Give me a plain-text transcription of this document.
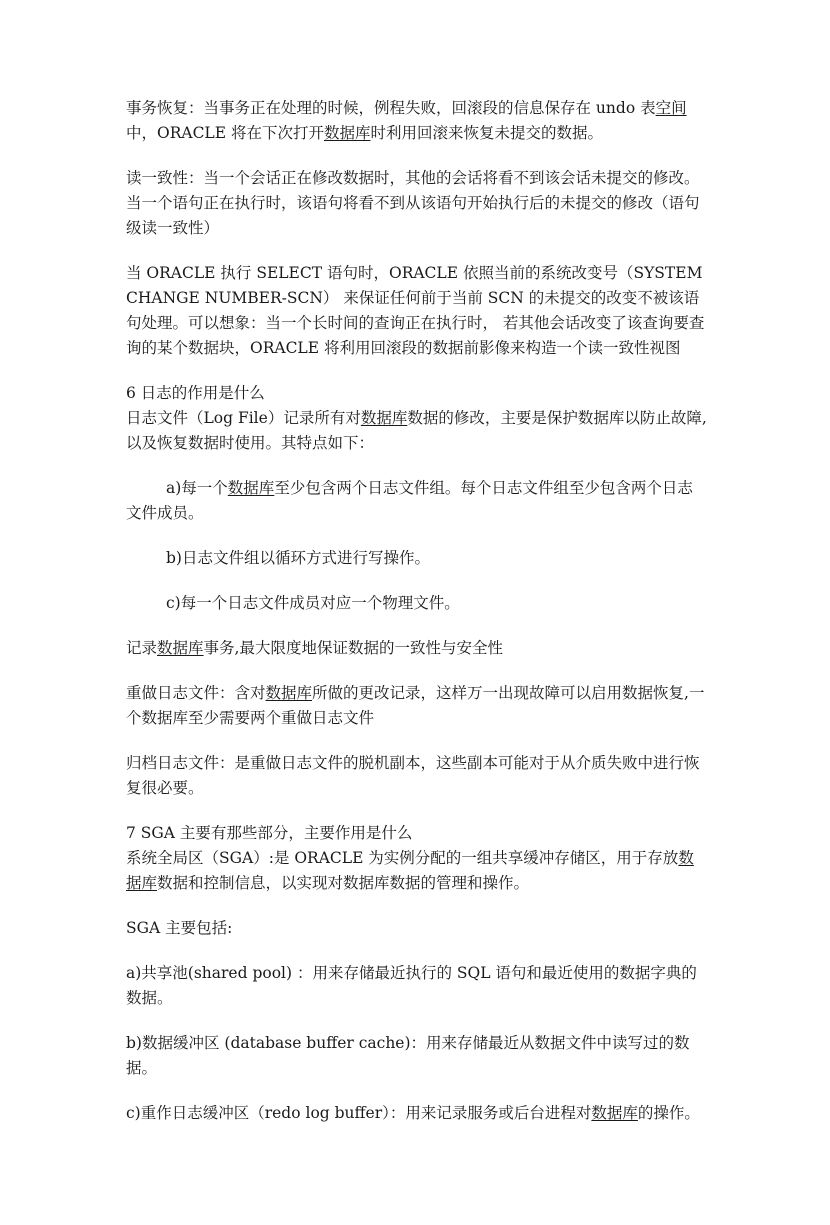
事务恢复：当事务正在处理的时候，例程失败，回滚段的信息保存在 undo 表空间中，ORACLE 将在下次打开数据库时利用回滚来恢复未提交的数据。

读一致性：当一个会话正在修改数据时，其他的会话将看不到该会话未提交的修改。 当一个语句正在执行时，该语句将看不到从该语句开始执行后的未提交的修改（语句级读一致性）

当 ORACLE 执行 SELECT 语句时，ORACLE 依照当前的系统改变号（SYSTEM CHANGE NUMBER-SCN） 来保证任何前于当前 SCN 的未提交的改变不被该语句处理。可以想象：当一个长时间的查询正在执行时， 若其他会话改变了该查询要查询的某个数据块，ORACLE 将利用回滚段的数据前影像来构造一个读一致性视图

6 日志的作用是什么

日志文件（Log File）记录所有对数据库数据的修改，主要是保护数据库以防止故障,以及恢复数据时使用。其特点如下：

a)每一个数据库至少包含两个日志文件组。每个日志文件组至少包含两个日志文件成员。

b)日志文件组以循环方式进行写操作。

c)每一个日志文件成员对应一个物理文件。

记录数据库事务,最大限度地保证数据的一致性与安全性

重做日志文件：含对数据库所做的更改记录，这样万一出现故障可以启用数据恢复,一个数据库至少需要两个重做日志文件

归档日志文件：是重做日志文件的脱机副本，这些副本可能对于从介质失败中进行恢复很必要。

7 SGA 主要有那些部分，主要作用是什么

系统全局区（SGA）:是 ORACLE 为实例分配的一组共享缓冲存储区，用于存放数据库数据和控制信息，以实现对数据库数据的管理和操作。

SGA 主要包括:

a)共享池(shared pool) ：用来存储最近执行的 SQL 语句和最近使用的数据字典的数据。

b)数据缓冲区 (database buffer cache)：用来存储最近从数据文件中读写过的数据。

c)重作日志缓冲区（redo log buffer）：用来记录服务或后台进程对数据库的操作。
